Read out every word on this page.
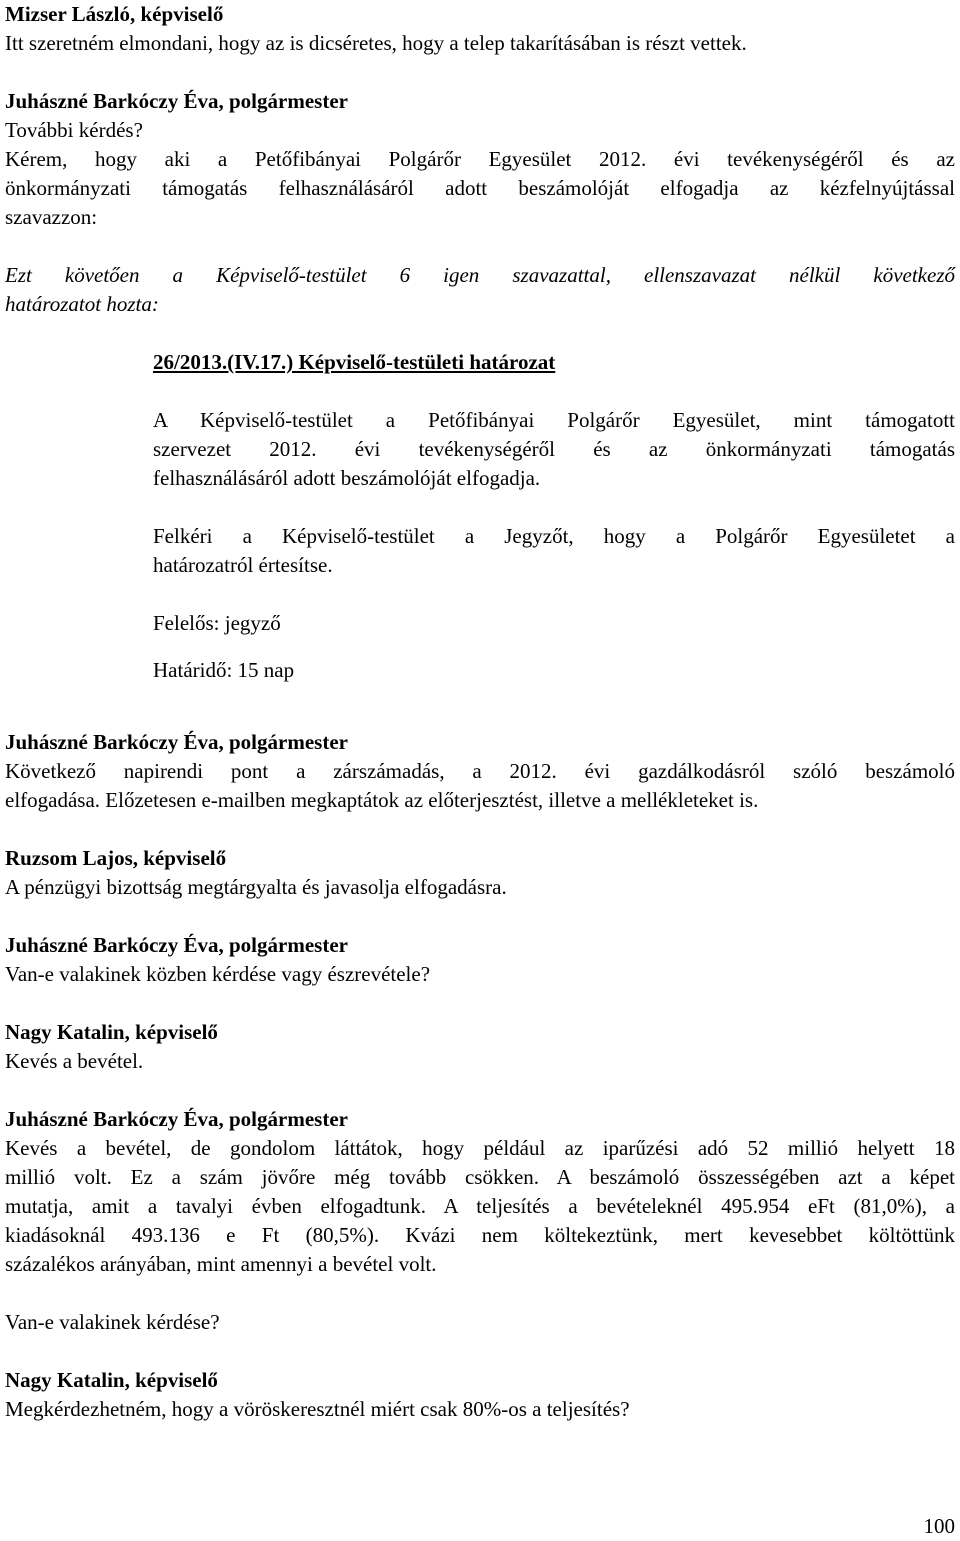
Mizser László, képviselő

Itt szeretném elmondani, hogy az is dicséretes, hogy a telep takarításában is részt vettek.

Juhászné Barkóczy Éva, polgármester

További kérdés?

Kérem, hogy aki a Petőfibányai Polgárőr Egyesület 2012. évi tevékenységéről és az

önkormányzati támogatás felhasználásáról adott beszámolóját elfogadja az kézfelnyújtással

szavazzon:

Ezt követően a Képviselő-testület 6 igen szavazattal, ellenszavazat nélkül következő

határozatot hozta:

26/2013.(IV.17.) Képviselő-testületi határozat

A Képviselő-testület a Petőfibányai Polgárőr Egyesület, mint támogatott

szervezet 2012. évi tevékenységéről és az önkormányzati támogatás

felhasználásáról adott beszámolóját elfogadja.

Felkéri a Képviselő-testület a Jegyzőt, hogy a Polgárőr Egyesületet a

határozatról értesítse.

Felelős: jegyző

Határidő: 15 nap

Juhászné Barkóczy Éva, polgármester

Következő napirendi pont a zárszámadás, a 2012. évi gazdálkodásról szóló beszámoló

elfogadása. Előzetesen e-mailben megkaptátok az előterjesztést, illetve a mellékleteket is.

Ruzsom Lajos, képviselő

A pénzügyi bizottság megtárgyalta és javasolja elfogadásra.

Juhászné Barkóczy Éva, polgármester

Van-e valakinek közben kérdése vagy észrevétele?

Nagy Katalin, képviselő

Kevés a bevétel.

Juhászné Barkóczy Éva, polgármester

Kevés a bevétel, de gondolom láttátok, hogy például az iparűzési adó 52 millió helyett 18

millió volt. Ez a szám jövőre még tovább csökken. A beszámoló összességében azt a képet

mutatja, amit a tavalyi évben elfogadtunk. A teljesítés a bevételeknél 495.954 eFt (81,0%), a

kiadásoknál 493.136 e Ft (80,5%). Kvázi nem költekeztünk, mert kevesebbet költöttünk

százalékos arányában, mint amennyi a bevétel volt.

Van-e valakinek kérdése?

Nagy Katalin, képviselő

Megkérdezhetném, hogy a vöröskeresztnél miért csak 80%-os a teljesítés?

100
